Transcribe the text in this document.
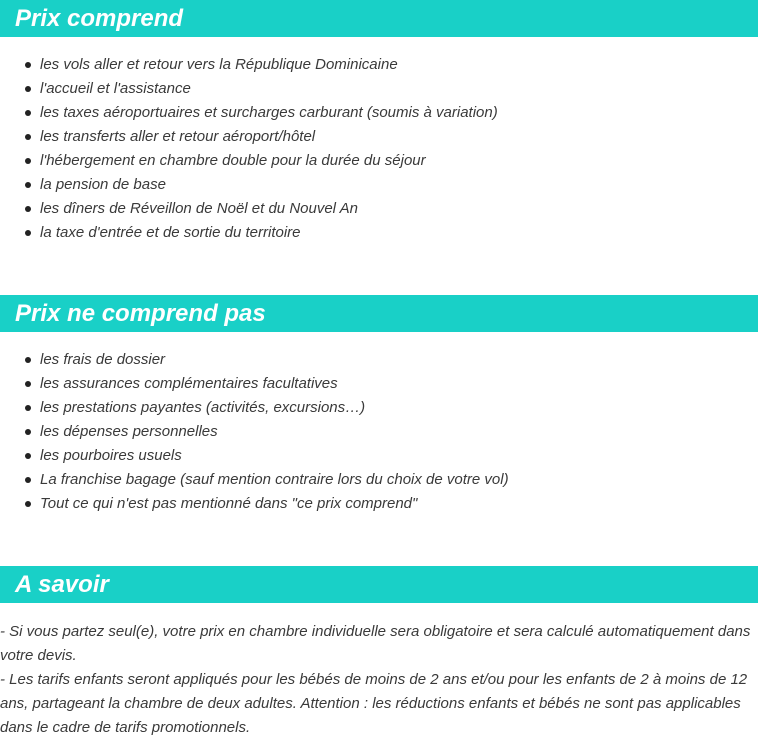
Prix comprend
les vols aller et retour vers la République Dominicaine
l'accueil et l'assistance
les taxes aéroportuaires et surcharges carburant (soumis à variation)
les transferts aller et retour aéroport/hôtel
l'hébergement en chambre double pour la durée du séjour
la pension de base
les dîners de Réveillon de Noël et du Nouvel An
la taxe d'entrée et de sortie du territoire
Prix ne comprend pas
les frais de dossier
les assurances complémentaires facultatives
les prestations payantes (activités, excursions…)
les dépenses personnelles
les pourboires usuels
La franchise bagage (sauf mention contraire lors du choix de votre vol)
Tout ce qui n'est pas mentionné dans "ce prix comprend"
A savoir

- Si vous partez seul(e), votre prix en chambre individuelle sera obligatoire et sera calculé automatiquement dans votre devis.

- Les tarifs enfants seront appliqués pour les bébés de moins de 2 ans et/ou pour les enfants de 2 à moins de 12 ans, partageant la chambre de deux adultes. Attention : les réductions enfants et bébés ne sont pas applicables dans le cadre de tarifs promotionnels.
